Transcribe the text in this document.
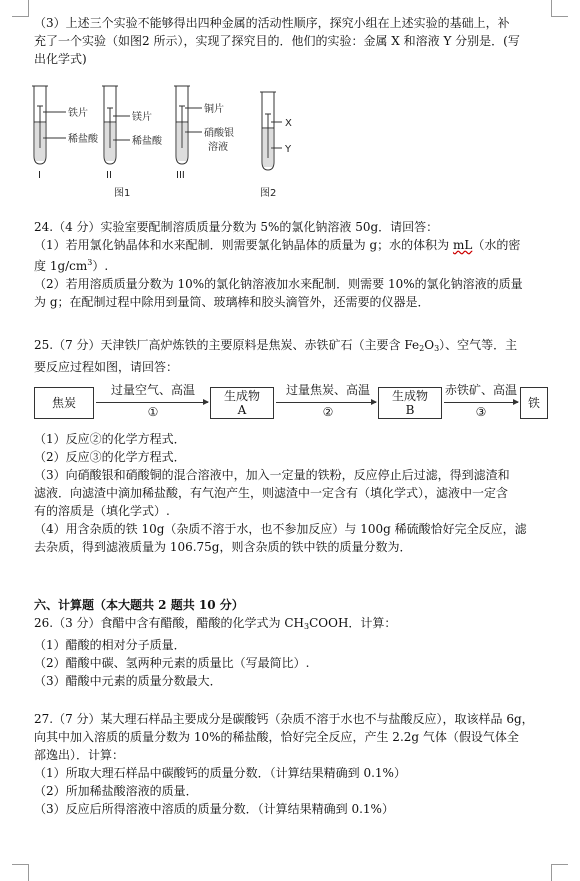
（3）上述三个实验不能够得出四种金属的活动性顺序，探究小组在上述实验的基础上，补

充了一个实验（如图2 所示），实现了探究目的．他们的实验：金属 X 和溶液 Y 分别是．(写

出化学式)

铁片
稀盐酸
镁片
稀盐酸
铜片
硝酸银
溶液
X
Y
I	II	III
图1	图2

24.（4 分）实验室要配制溶质质量分数为 5%的氯化钠溶液 50g．请回答：

（1）若用氯化钠晶体和水来配制．则需要氯化钠晶体的质量为 g；水的体积为 mL（水的密

度 $1g/cm^3$）.

（2）若用溶质质量分数为 10%的氯化钠溶液加水来配制．则需要 10%的氯化钠溶液的质量

为 g；在配制过程中除用到量筒、玻璃棒和胶头滴管外，还需要的仪器是．

25.（7 分）天津铁厂高炉炼铁的主要原料是焦炭、赤铁矿石（主要含 $Fe_2O_3$）、空气等．主

要反应过程如图，请回答：

焦炭
过量空气、高温
①
生成物
A
过量焦炭、高温
②
生成物
B
赤铁矿、高温
③
铁

（1）反应②的化学方程式．

（2）反应③的化学方程式．

（3）向硝酸银和硝酸铜的混合溶液中，加入一定量的铁粉，反应停止后过滤，得到滤渣和

滤液．向滤渣中滴加稀盐酸，有气泡产生，则滤渣中一定含有（填化学式），滤液中一定含

有的溶质是（填化学式）.

（4）用含杂质的铁 10g（杂质不溶于水，也不参加反应）与 100g 稀硫酸恰好完全反应，滤

去杂质，得到滤液质量为 106.75g，则含杂质的铁中铁的质量分数为．

六、计算题（本大题共 2 题共 10 分）

26.（3 分）食醋中含有醋酸，醋酸的化学式为 $CH_3COOH$．计算：

（1）醋酸的相对分子质量．

（2）醋酸中碳、氢两种元素的质量比（写最简比）.

（3）醋酸中元素的质量分数最大．

27.（7 分）某大理石样品主要成分是碳酸钙（杂质不溶于水也不与盐酸反应），取该样品 6g，

向其中加入溶质的质量分数为 10%的稀盐酸，恰好完全反应，产生 2.2g 气体（假设气体全

部逸出）．计算：

（1）所取大理石样品中碳酸钙的质量分数．（计算结果精确到 0.1%）

（2）所加稀盐酸溶液的质量．

（3）反应后所得溶液中溶质的质量分数．（计算结果精确到 0.1%）
